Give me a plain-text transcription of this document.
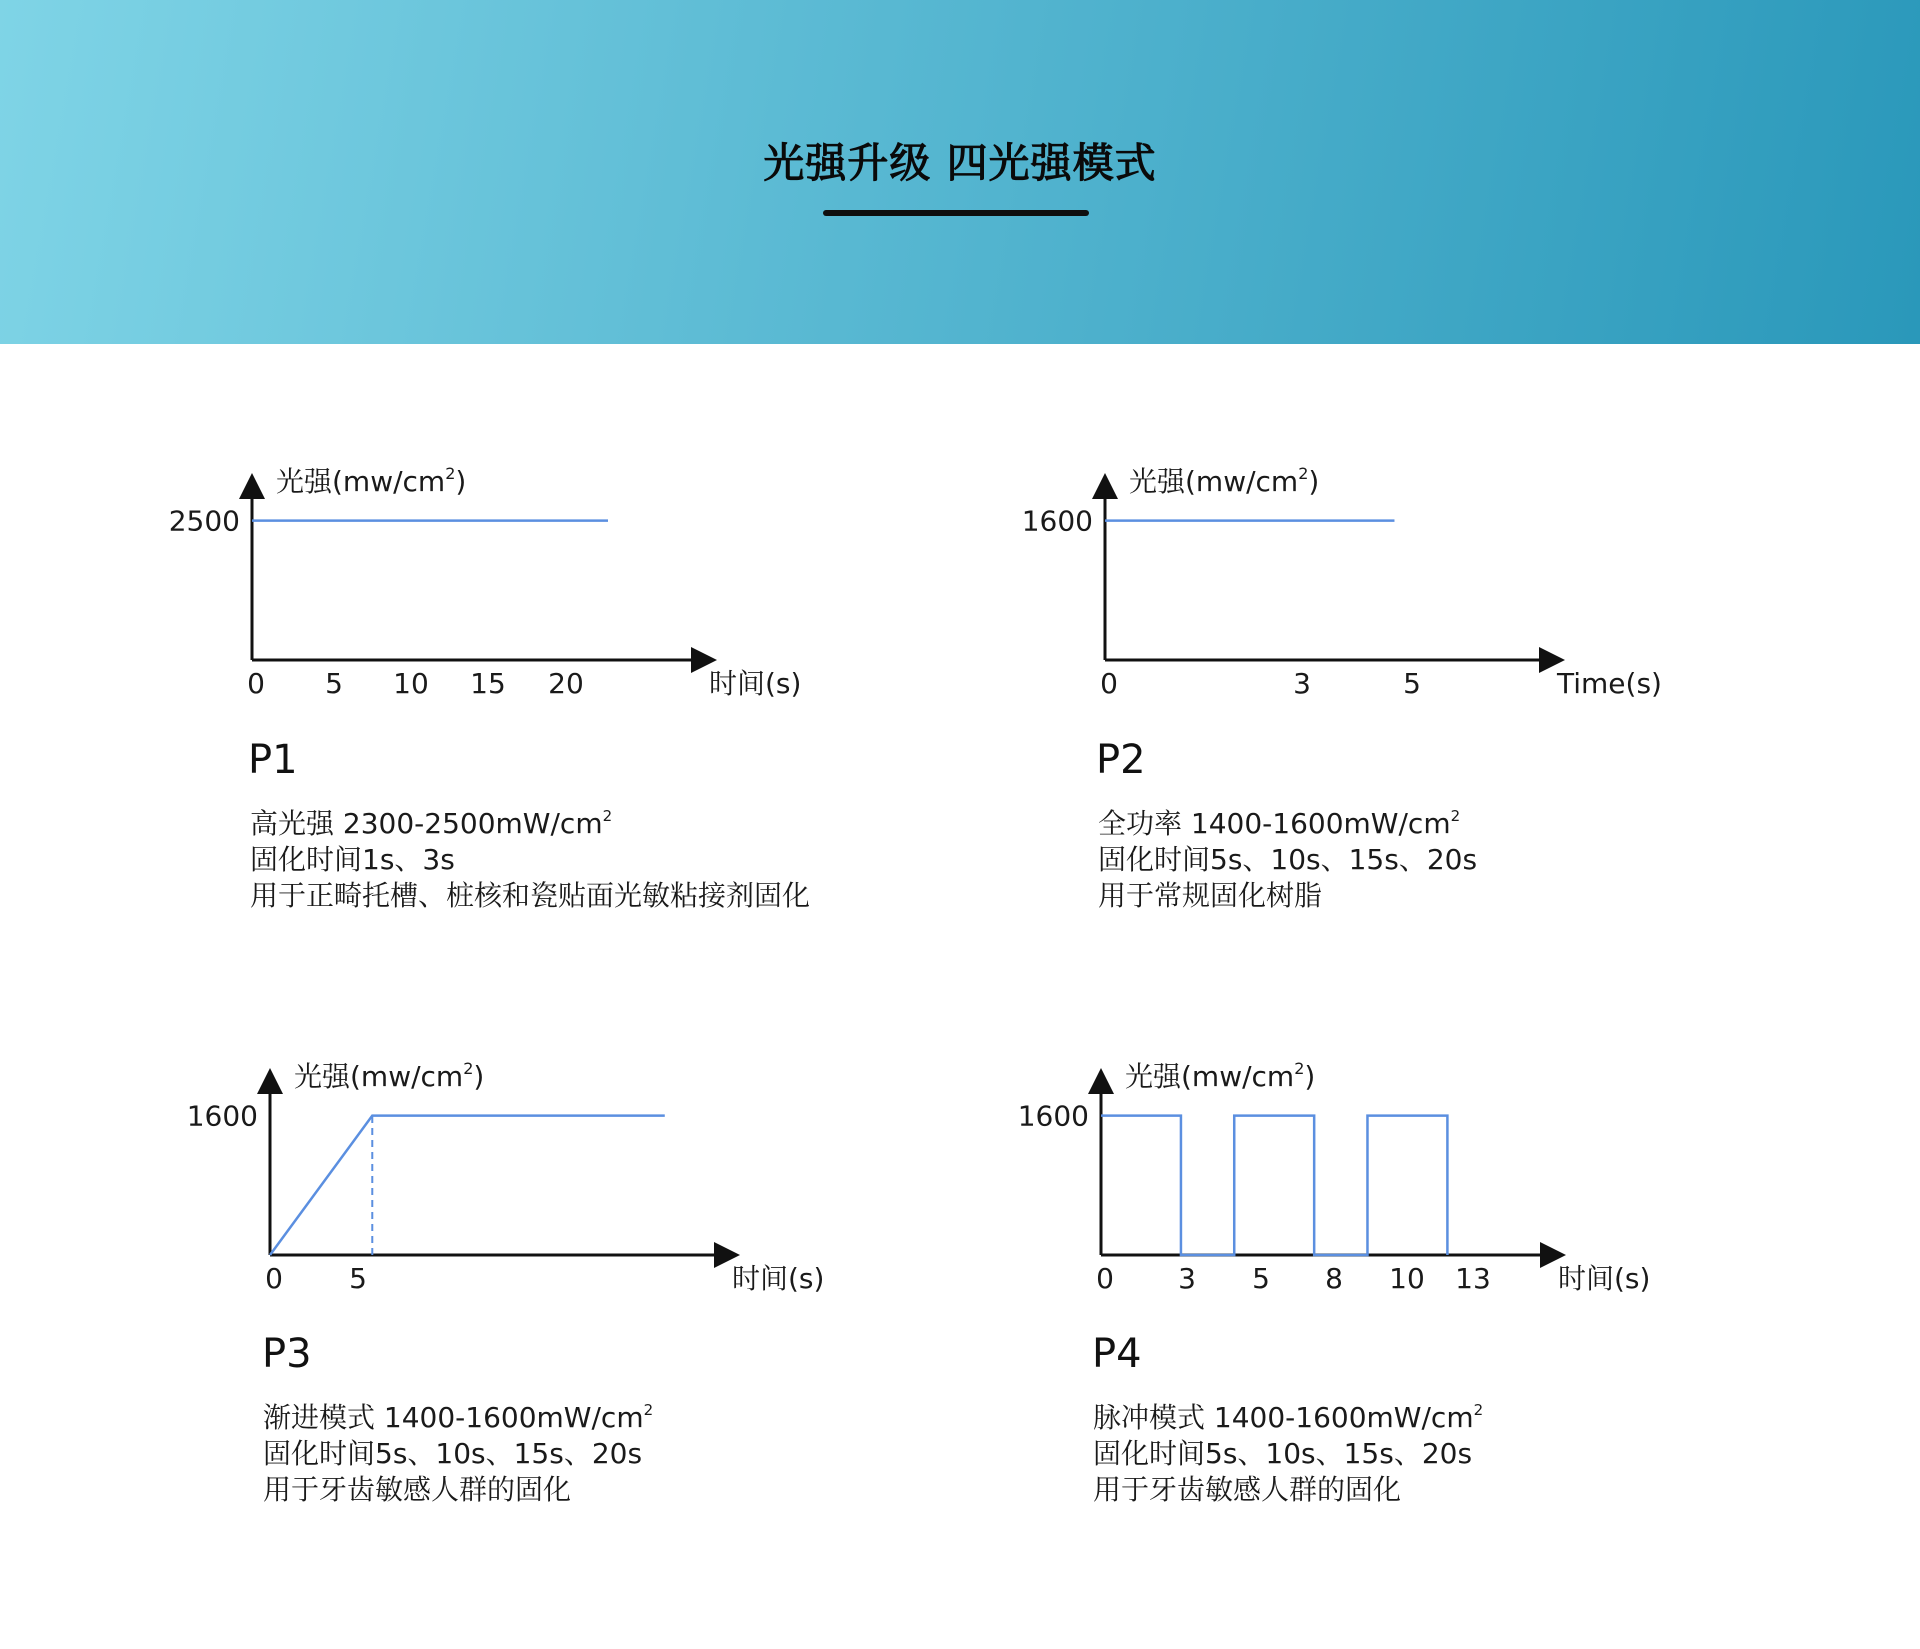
光强升级 四光强模式
光强$(mw/cm^2)$
时间(s)
0 5 10 15 20
2500
光强$(mw/cm^2)$
Time(s)
0	3	5
1600
光强$(mw/cm^2)$
时间(s)
0 5
1600
光强$(mw/cm^2)$
时间(s)
0 3 5 8 10 13
1600
P1
高光强 $2300-2500mW/cm^2$
固化时间1s、3s
用于正畸托槽、桩核和瓷贴面光敏粘接剂固化
P2
全功率 $1400-1600mW/cm^2$
固化时间5s、10s、15s、20s
用于常规固化树脂
P3
渐进模式 $1400-1600mW/cm^2$
固化时间5s、10s、15s、20s
用于牙齿敏感人群的固化
P4
脉冲模式 $1400-1600mW/cm^2$
固化时间5s、10s、15s、20s
用于牙齿敏感人群的固化
